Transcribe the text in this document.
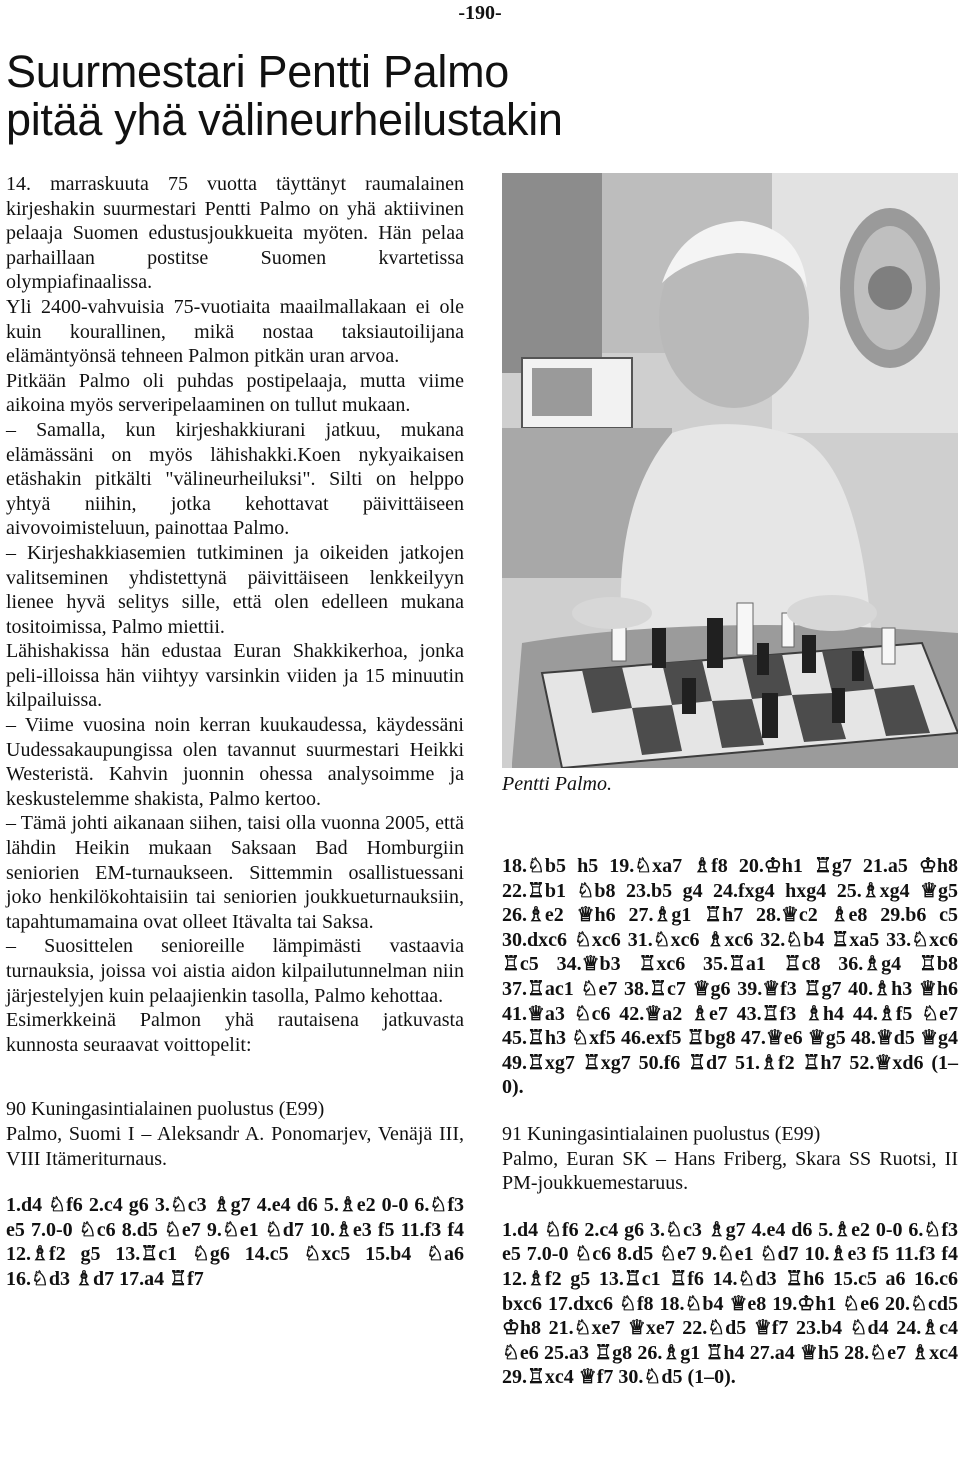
-190-
Suurmestari Pentti Palmo
pitää yhä välineurheilustakin

14. marraskuuta 75 vuotta täyttänyt raumalainen kirjeshakin suurmestari Pentti Palmo on yhä aktiivinen pelaaja Suomen edustusjoukkueita myöten. Hän pelaa parhaillaan postitse Suomen kvartetissa olympiafinaalissa.

Yli 2400-vahvuisia 75-vuotiaita maailmallakaan ei ole kuin kourallinen, mikä nostaa taksiautoilijana elämäntyönsä tehneen Palmon pitkän uran arvoa.

Pitkään Palmo oli puhdas postipelaaja, mutta viime aikoina myös serveripelaaminen on tullut mukaan.

– Samalla, kun kirjeshakkiurani jatkuu, mukana elämässäni on myös lähishakki.Koen nykyaikaisen etäshakin pitkälti "välineurheiluksi". Silti on helppo yhtyä niihin, jotka kehottavat päivittäiseen aivovoimisteluun, painottaa Palmo.

– Kirjeshakkiasemien tutkiminen ja oikeiden jatkojen valitseminen yhdistettynä päivittäiseen lenkkeilyyn lienee hyvä selitys sille, että olen edelleen mukana tositoimissa, Palmo miettii.

Lähishakissa hän edustaa Euran Shakkikerhoa, jonka peli-illoissa hän viihtyy varsinkin viiden ja 15 minuutin kilpailuissa.

– Viime vuosina noin kerran kuukaudessa, käydessäni Uudessakaupungissa olen tavannut suurmestari Heikki Westeristä. Kahvin juonnin ohessa analysoimme ja keskustelemme shakista, Palmo kertoo.

– Tämä johti aikanaan siihen, taisi olla vuonna 2005, että lähdin Heikin mukaan Saksaan Bad Homburgiin seniorien EM-turnaukseen. Sittemmin osallistuessani joko henkilökohtaisiin tai seniorien joukkueturnauksiin, tapahtumamaina ovat olleet Itävalta tai Saksa.

– Suosittelen senioreille lämpimästi vastaavia turnauksia, joissa voi aistia aidon kilpailutunnelman niin järjestelyjen kuin pelaajienkin tasolla, Palmo kehottaa.

Esimerkkeinä Palmon yhä rautaisena jatkuvasta kunnosta seuraavat voittopelit:

90 Kuningasintialainen puolustus (E99)

Palmo, Suomi I – Aleksandr A. Ponomarjev, Venäjä III, VIII Itämeriturnaus.

1.d4 ♘f6 2.c4 g6 3.♘c3 ♗g7 4.e4 d6 5.♗e2 0-0 6.♘f3 e5 7.0-0 ♘c6 8.d5 ♘e7 9.♘e1 ♘d7 10.♗e3 f5 11.f3 f4 12.♗f2 g5 13.♖c1 ♘g6 14.c5 ♘xc5 15.b4 ♘a6 16.♘d3 ♗d7 17.a4 ♖f7

Pentti Palmo.

18.♘b5 h5 19.♘xa7 ♗f8 20.♔h1 ♖g7 21.a5 ♔h8 22.♖b1 ♘b8 23.b5 g4 24.fxg4 hxg4 25.♗xg4 ♕g5 26.♗e2 ♕h6 27.♗g1 ♖h7 28.♕c2 ♗e8 29.b6 c5 30.dxc6 ♘xc6 31.♘xc6 ♗xc6 32.♘b4 ♖xa5 33.♘xc6 ♖c5 34.♕b3 ♖xc6 35.♖a1 ♖c8 36.♗g4 ♖b8 37.♖ac1 ♘e7 38.♖c7 ♕g6 39.♕f3 ♖g7 40.♗h3 ♕h6 41.♕a3 ♘c6 42.♕a2 ♗e7 43.♖f3 ♗h4 44.♗f5 ♘e7 45.♖h3 ♘xf5 46.exf5 ♖bg8 47.♕e6 ♕g5 48.♕d5 ♕g4 49.♖xg7 ♖xg7 50.f6 ♖d7 51.♗f2 ♖h7 52.♕xd6 (1–0).

91 Kuningasintialainen puolustus (E99)

Palmo, Euran SK – Hans Friberg, Skara SS Ruotsi, II PM-joukkuemestaruus.

1.d4 ♘f6 2.c4 g6 3.♘c3 ♗g7 4.e4 d6 5.♗e2 0-0 6.♘f3 e5 7.0-0 ♘c6 8.d5 ♘e7 9.♘e1 ♘d7 10.♗e3 f5 11.f3 f4 12.♗f2 g5 13.♖c1 ♖f6 14.♘d3 ♖h6 15.c5 a6 16.c6 bxc6 17.dxc6 ♘f8 18.♘b4 ♕e8 19.♔h1 ♘e6 20.♘cd5 ♔h8 21.♘xe7 ♕xe7 22.♘d5 ♕f7 23.b4 ♘d4 24.♗c4 ♘e6 25.a3 ♖g8 26.♗g1 ♖h4 27.a4 ♕h5 28.♘e7 ♗xc4 29.♖xc4 ♕f7 30.♘d5 (1–0).
